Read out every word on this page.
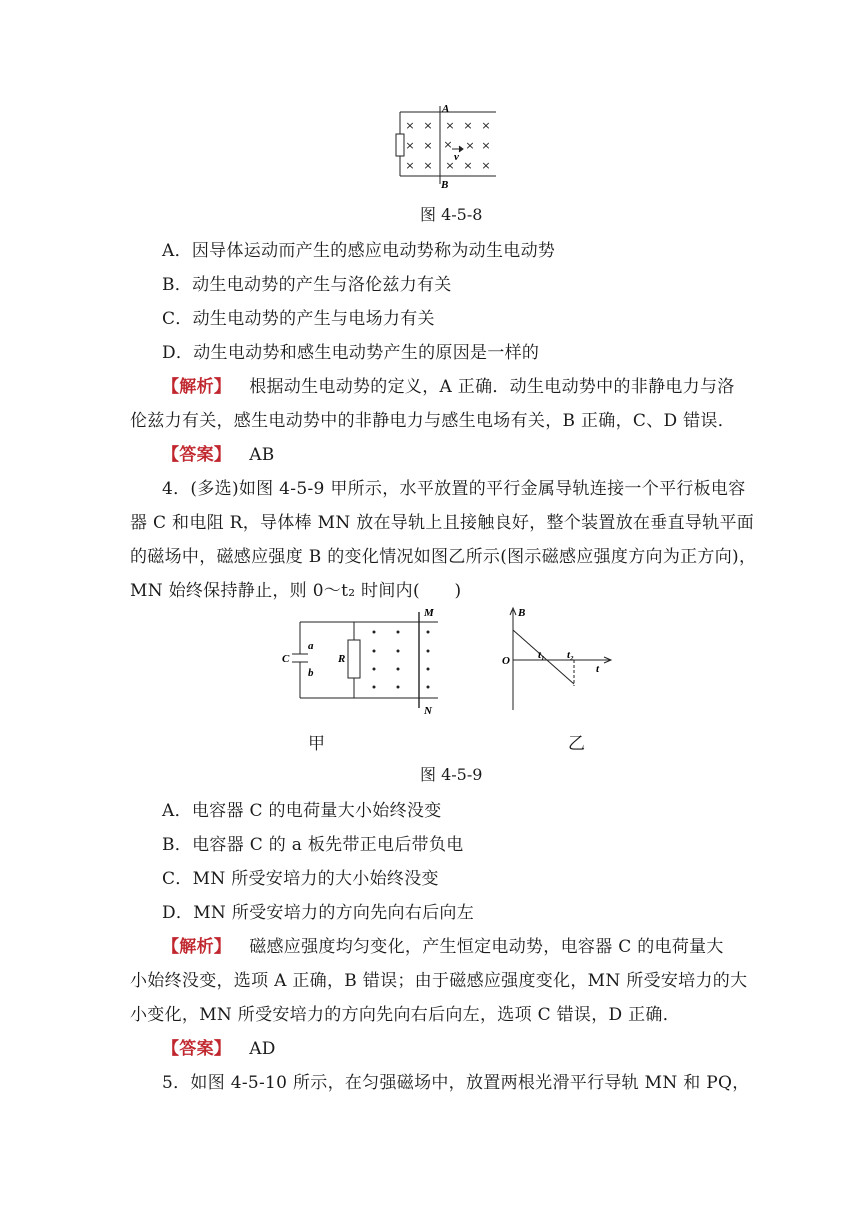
× × × × ×
× × × × ×
× × × × ×
A
B
v
图 4-5-8
A．因导体运动而产生的感应电动势称为动生电动势
B．动生电动势的产生与洛伦兹力有关
C．动生电动势的产生与电场力有关
D．动生电动势和感生电动势产生的原因是一样的
【解析】 根据动生电动势的定义，A 正确．动生电动势中的非静电力与洛
伦兹力有关，感生电动势中的非静电力与感生电场有关，B 正确，C、D 错误．
【答案】 AB
4．(多选)如图 4-5-9 甲所示，水平放置的平行金属导轨连接一个平行板电容
器 C 和电阻 R，导体棒 MN 放在导轨上且接触良好，整个装置放在垂直导轨平面
的磁场中，磁感应强度 B 的变化情况如图乙所示(图示磁感应强度方向为正方向)，
MN 始终保持静止，则 0～t₂ 时间内(　　)
C
a
b
R
M
N
甲
B
O	t₁ t₂
t
乙
图 4-5-9
A．电容器 C 的电荷量大小始终没变
B．电容器 C 的 a 板先带正电后带负电
C．MN 所受安培力的大小始终没变
D．MN 所受安培力的方向先向右后向左
【解析】 磁感应强度均匀变化，产生恒定电动势，电容器 C 的电荷量大
小始终没变，选项 A 正确，B 错误；由于磁感应强度变化，MN 所受安培力的大
小变化，MN 所受安培力的方向先向右后向左，选项 C 错误，D 正确．
【答案】 AD
5．如图 4-5-10 所示，在匀强磁场中，放置两根光滑平行导轨 MN 和 PQ，
